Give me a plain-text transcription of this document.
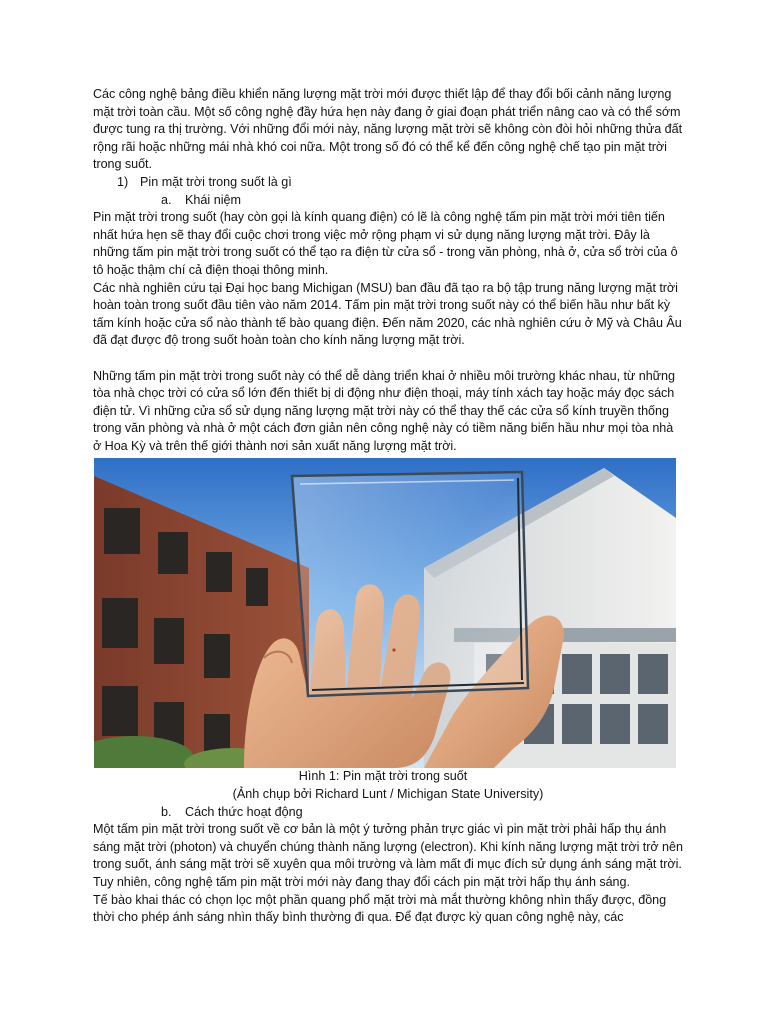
Các công nghệ bảng điều khiển năng lượng mặt trời mới được thiết lập để thay đổi bối cảnh năng lượng mặt trời toàn cầu. Một số công nghệ đầy hứa hẹn này đang ở giai đoạn phát triển nâng cao và có thể sớm được tung ra thị trường. Với những đổi mới này, năng lượng mặt trời sẽ không còn đòi hỏi những thửa đất rộng rãi hoặc những mái nhà khó coi nữa. Một trong số đó có thể kể đến công nghệ chế tạo pin mặt trời trong suốt.

1) Pin mặt trời trong suốt là gì

a. Khái niệm

Pin mặt trời trong suốt (hay còn gọi là kính quang điện) có lẽ là công nghệ tấm pin mặt trời mới tiên tiến nhất hứa hẹn sẽ thay đổi cuộc chơi trong việc mở rộng phạm vi sử dụng năng lượng mặt trời. Đây là những tấm pin mặt trời trong suốt có thể tạo ra điện từ cửa sổ - trong văn phòng, nhà ở, cửa sổ trời của ô tô hoặc thậm chí cả điện thoại thông minh.

Các nhà nghiên cứu tại Đại học bang Michigan (MSU) ban đầu đã tạo ra bộ tập trung năng lượng mặt trời hoàn toàn trong suốt đầu tiên vào năm 2014. Tấm pin mặt trời trong suốt này có thể biến hầu như bất kỳ tấm kính hoặc cửa sổ nào thành tế bào quang điện. Đến năm 2020, các nhà nghiên cứu ở Mỹ và Châu Âu đã đạt được độ trong suốt hoàn toàn cho kính năng lượng mặt trời.

Những tấm pin mặt trời trong suốt này có thể dễ dàng triển khai ở nhiều môi trường khác nhau, từ những tòa nhà chọc trời có cửa sổ lớn đến thiết bị di động như điện thoại, máy tính xách tay hoặc máy đọc sách điện tử. Vì những cửa sổ sử dụng năng lượng mặt trời này có thể thay thế các cửa sổ kính truyền thống trong văn phòng và nhà ở một cách đơn giản nên công nghệ này có tiềm năng biến hầu như mọi tòa nhà ở Hoa Kỳ và trên thế giới thành nơi sản xuất năng lượng mặt trời.

Hình 1: Pin mặt trời trong suốt

(Ảnh chụp bởi Richard Lunt / Michigan State University)

b. Cách thức hoạt động

Một tấm pin mặt trời trong suốt về cơ bản là một ý tưởng phản trực giác vì pin mặt trời phải hấp thụ ánh sáng mặt trời (photon) và chuyển chúng thành năng lượng (electron). Khi kính năng lượng mặt trời trở nên trong suốt, ánh sáng mặt trời sẽ xuyên qua môi trường và làm mất đi mục đích sử dụng ánh sáng mặt trời. Tuy nhiên, công nghệ tấm pin mặt trời mới này đang thay đổi cách pin mặt trời hấp thụ ánh sáng.

Tế bào khai thác có chọn lọc một phần quang phổ mặt trời mà mắt thường không nhìn thấy được, đồng thời cho phép ánh sáng nhìn thấy bình thường đi qua. Để đạt được kỳ quan công nghệ này, các
